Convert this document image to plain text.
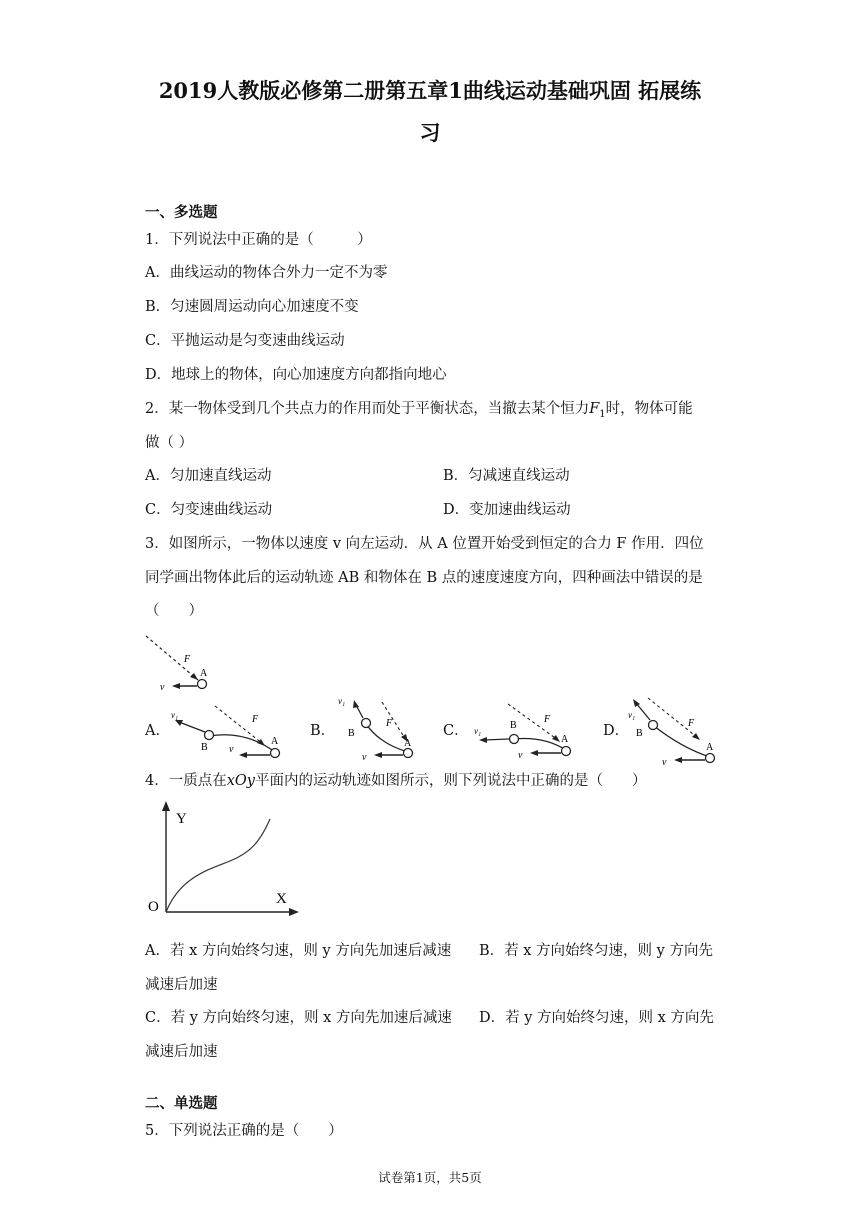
2019人教版必修第二册第五章1曲线运动基础巩固 拓展练
习
一、多选题
1．下列说法中正确的是（　　　）
A．曲线运动的物体合外力一定不为零
B．匀速圆周运动向心加速度不变
C．平抛运动是匀变速曲线运动
D．地球上的物体，向心加速度方向都指向地心
2．某一物体受到几个共点力的作用而处于平衡状态，当撤去某个恒力$F_1$时，物体可能
做（ ）
A．匀加速直线运动	B．匀减速直线运动
C．匀变速曲线运动	D．变加速曲线运动
3．如图所示，一物体以速度 v 向左运动．从 A 位置开始受到恒定的合力 F 作用．四位
同学画出物体此后的运动轨迹 AB 和物体在 B 点的速度速度方向，四种画法中错误的是
（　　）
F
A
v
A．
F
v₁
B
A
v
B．	F
v₁
B
A
v
C．
F
v₁	B
A
v
D．	F
v₁
B
A
v
4．一质点在xOy平面内的运动轨迹如图所示，则下列说法中正确的是（　　）
Y
X
O
A．若 x 方向始终匀速，则 y 方向先加速后减速 B．若 x 方向始终匀速，则 y 方向先
减速后加速
C．若 y 方向始终匀速，则 x 方向先加速后减速 D．若 y 方向始终匀速，则 x 方向先
减速后加速
二、单选题
5．下列说法正确的是（　　）
试卷第1页，共5页
